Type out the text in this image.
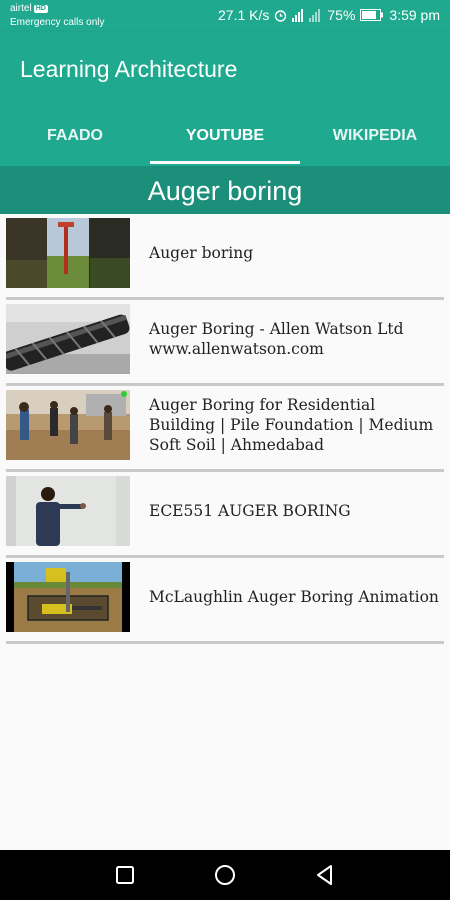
airtel HD
Emergency calls only	27.1 K/s	75% 3:59 pm
Learning Architecture
FAADO	YOUTUBE	WIKIPEDIA
Auger boring
Auger boring
Auger Boring - Allen Watson Ltd www.allenwatson.com
Auger Boring for Residential Building | Pile Foundation | Medium Soft Soil | Ahmedabad
ECE551 AUGER BORING
McLaughlin Auger Boring Animation
